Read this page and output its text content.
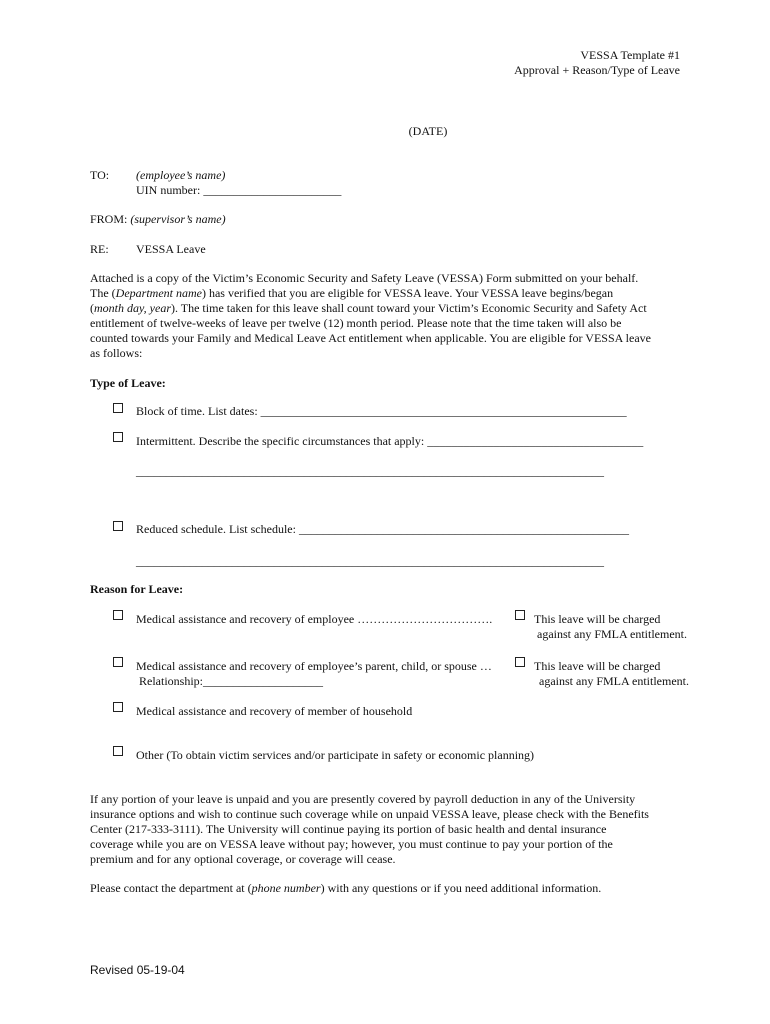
VESSA Template #1
Approval + Reason/Type of Leave
(DATE)
TO: (employee’s name)
UIN number: _______________________
FROM: (supervisor’s name)
RE: VESSA Leave

Attached is a copy of the Victim’s Economic Security and Safety Leave (VESSA) Form submitted on your behalf.

The (Department name) has verified that you are eligible for VESSA leave. Your VESSA leave begins/began

(month day, year). The time taken for this leave shall count toward your Victim’s Economic Security and Safety Act

entitlement of twelve-weeks of leave per twelve (12) month period. Please note that the time taken will also be

counted towards your Family and Medical Leave Act entitlement when applicable. You are eligible for VESSA leave

as follows:

Type of Leave:
Block of time. List dates: _____________________________________________________________
Intermittent. Describe the specific circumstances that apply: ____________________________________
______________________________________________________________________________
Reduced schedule. List schedule: _______________________________________________________
______________________________________________________________________________
Reason for Leave:
Medical assistance and recovery of employee …………………………….	This leave will be charged
against any FMLA entitlement.
Medical assistance and recovery of employee’s parent, child, or spouse …
Relationship:____________________
This leave will be charged
against any FMLA entitlement.
Medical assistance and recovery of member of household
Other (To obtain victim services and/or participate in safety or economic planning)

If any portion of your leave is unpaid and you are presently covered by payroll deduction in any of the University

insurance options and wish to continue such coverage while on unpaid VESSA leave, please check with the Benefits

Center (217-333-3111). The University will continue paying its portion of basic health and dental insurance

coverage while you are on VESSA leave without pay; however, you must continue to pay your portion of the

premium and for any optional coverage, or coverage will cease.

Please contact the department at (phone number) with any questions or if you need additional information.
Revised 05-19-04
